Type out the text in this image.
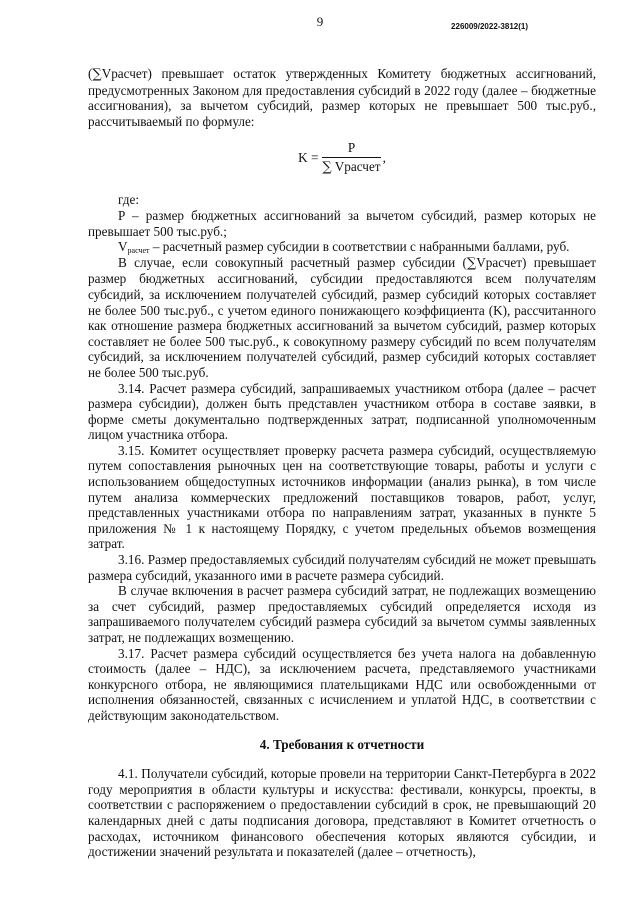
9	226009/2022-3812(1)

(∑Vрасчет) превышает остаток утвержденных Комитету бюджетных ассигнований, предусмотренных Законом для предоставления субсидий в 2022 году (далее – бюджетные ассигнования), за вычетом субсидий, размер которых не превышает 500 тыс.руб., рассчитываемый по формуле:

$K = \frac{P}{\text{∑ Vрасчет}}$ ,

где:

P – размер бюджетных ассигнований за вычетом субсидий, размер которых не превышает 500 тыс.руб.;

$V_{расчет}$ – расчетный размер субсидии в соответствии с набранными баллами, руб.

В случае, если совокупный расчетный размер субсидии (∑Vрасчет) превышает размер бюджетных ассигнований, субсидии предоставляются всем получателям субсидий, за исключением получателей субсидий, размер субсидий которых составляет не более 500 тыс.руб., с учетом единого понижающего коэффициента (K), рассчитанного как отношение размера бюджетных ассигнований за вычетом субсидий, размер которых составляет не более 500 тыс.руб., к совокупному размеру субсидий по всем получателям субсидий, за исключением получателей субсидий, размер субсидий которых составляет не более 500 тыс.руб.

3.14. Расчет размера субсидий, запрашиваемых участником отбора (далее – расчет размера субсидии), должен быть представлен участником отбора в составе заявки, в форме сметы документально подтвержденных затрат, подписанной уполномоченным лицом участника отбора.

3.15. Комитет осуществляет проверку расчета размера субсидий, осуществляемую путем сопоставления рыночных цен на соответствующие товары, работы и услуги с использованием общедоступных источников информации (анализ рынка), в том числе путем анализа коммерческих предложений поставщиков товаров, работ, услуг, представленных участниками отбора по направлениям затрат, указанных в пункте 5 приложения № 1 к настоящему Порядку, с учетом предельных объемов возмещения затрат.

3.16. Размер предоставляемых субсидий получателям субсидий не может превышать размера субсидий, указанного ими в расчете размера субсидий.

В случае включения в расчет размера субсидий затрат, не подлежащих возмещению за счет субсидий, размер предоставляемых субсидий определяется исходя из запрашиваемого получателем субсидий размера субсидий за вычетом суммы заявленных затрат, не подлежащих возмещению.

3.17. Расчет размера субсидий осуществляется без учета налога на добавленную стоимость (далее – НДС), за исключением расчета, представляемого участниками конкурсного отбора, не являющимися плательщиками НДС или освобожденными от исполнения обязанностей, связанных с исчислением и уплатой НДС, в соответствии с действующим законодательством.

4. Требования к отчетности

4.1. Получатели субсидий, которые провели на территории Санкт-Петербурга в 2022 году мероприятия в области культуры и искусства: фестивали, конкурсы, проекты, в соответствии с распоряжением о предоставлении субсидий в срок, не превышающий 20 календарных дней с даты подписания договора, представляют в Комитет отчетность о расходах, источником финансового обеспечения которых являются субсидии, и достижении значений результата и показателей (далее – отчетность),
